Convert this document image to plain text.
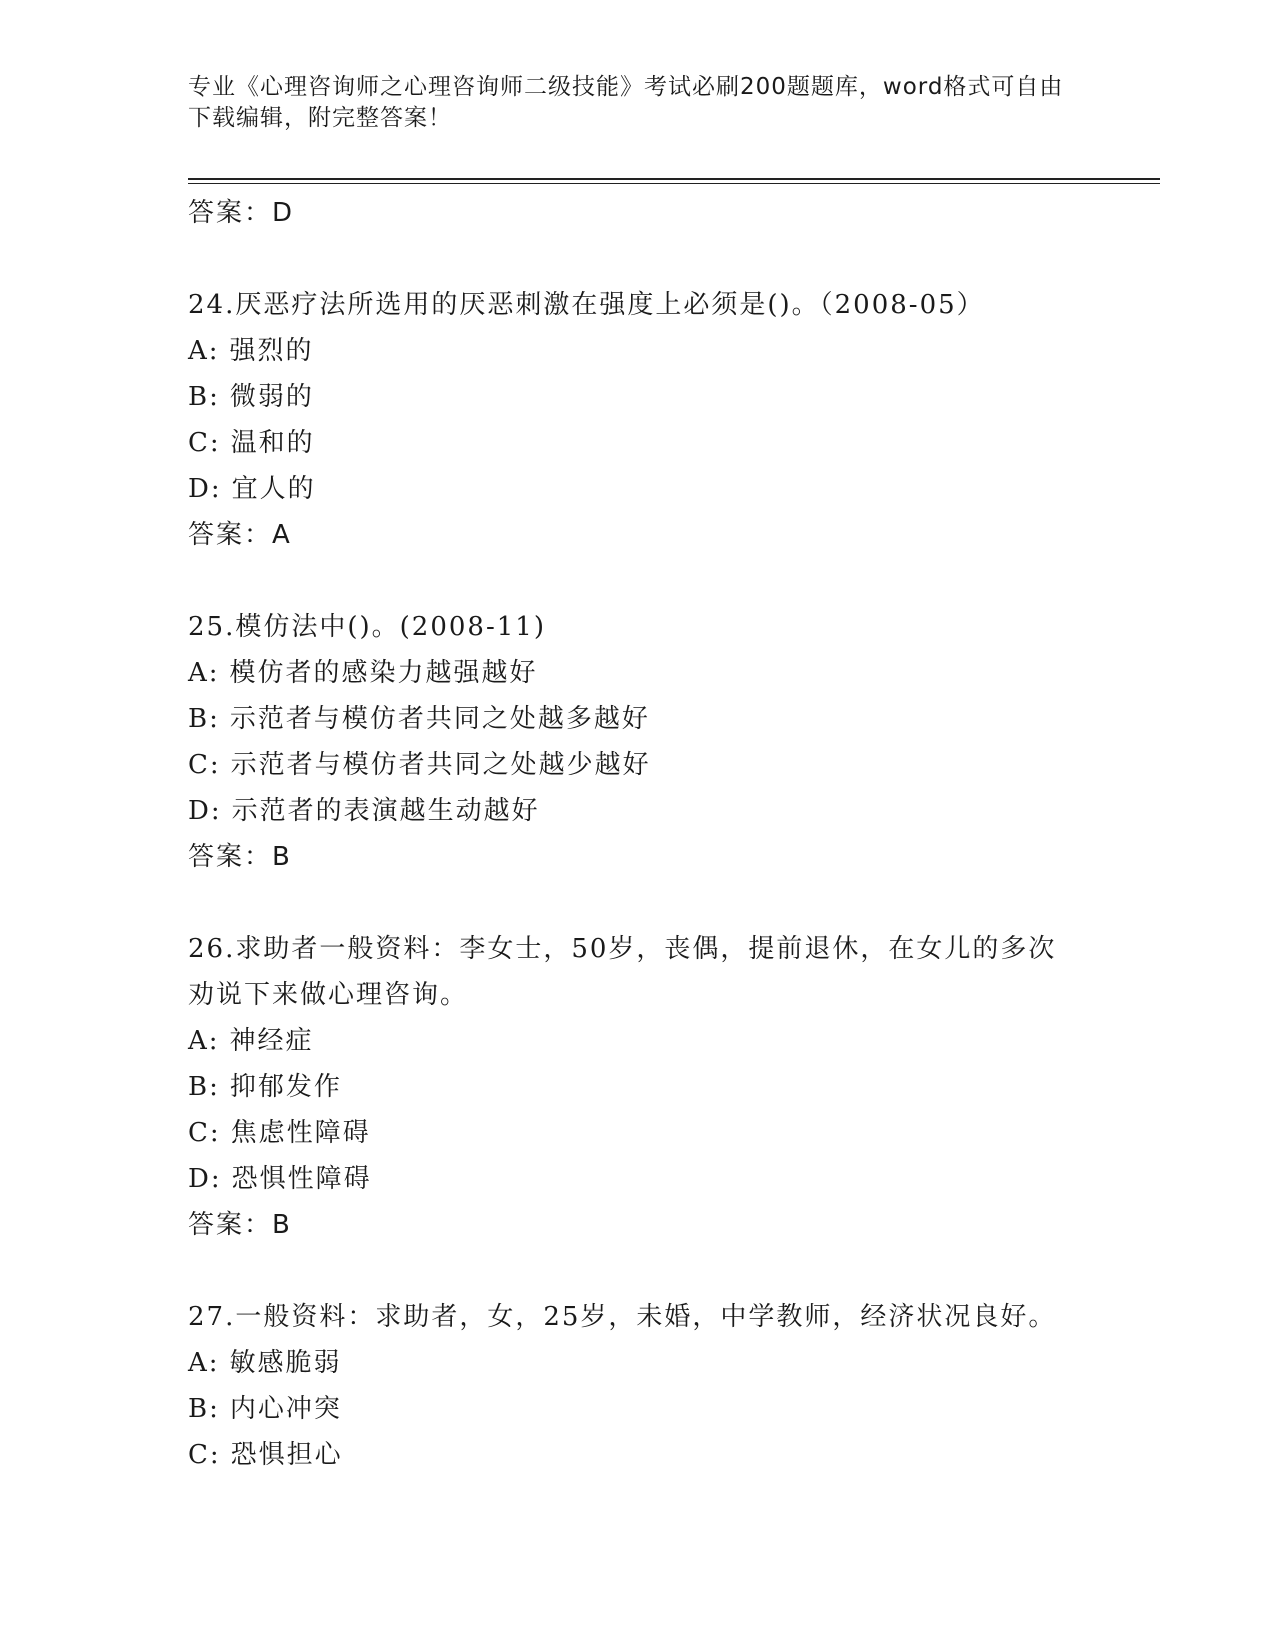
专业《心理咨询师之心理咨询师二级技能》考试必刷200题题库，word格式可自由下载编辑，附完整答案！
答案：D
24.厌恶疗法所选用的厌恶刺激在强度上必须是()。（2008-05）
A: 强烈的
B: 微弱的
C: 温和的
D: 宜人的
答案：A
25.模仿法中()。(2008-11)
A: 模仿者的感染力越强越好
B: 示范者与模仿者共同之处越多越好
C: 示范者与模仿者共同之处越少越好
D: 示范者的表演越生动越好
答案：B
26.求助者一般资料：李女士，50岁，丧偶，提前退休，在女儿的多次劝说下来做心理咨询。
A: 神经症
B: 抑郁发作
C: 焦虑性障碍
D: 恐惧性障碍
答案：B
27.一般资料：求助者，女，25岁，未婚，中学教师，经济状况良好。
A: 敏感脆弱
B: 内心冲突
C: 恐惧担心
